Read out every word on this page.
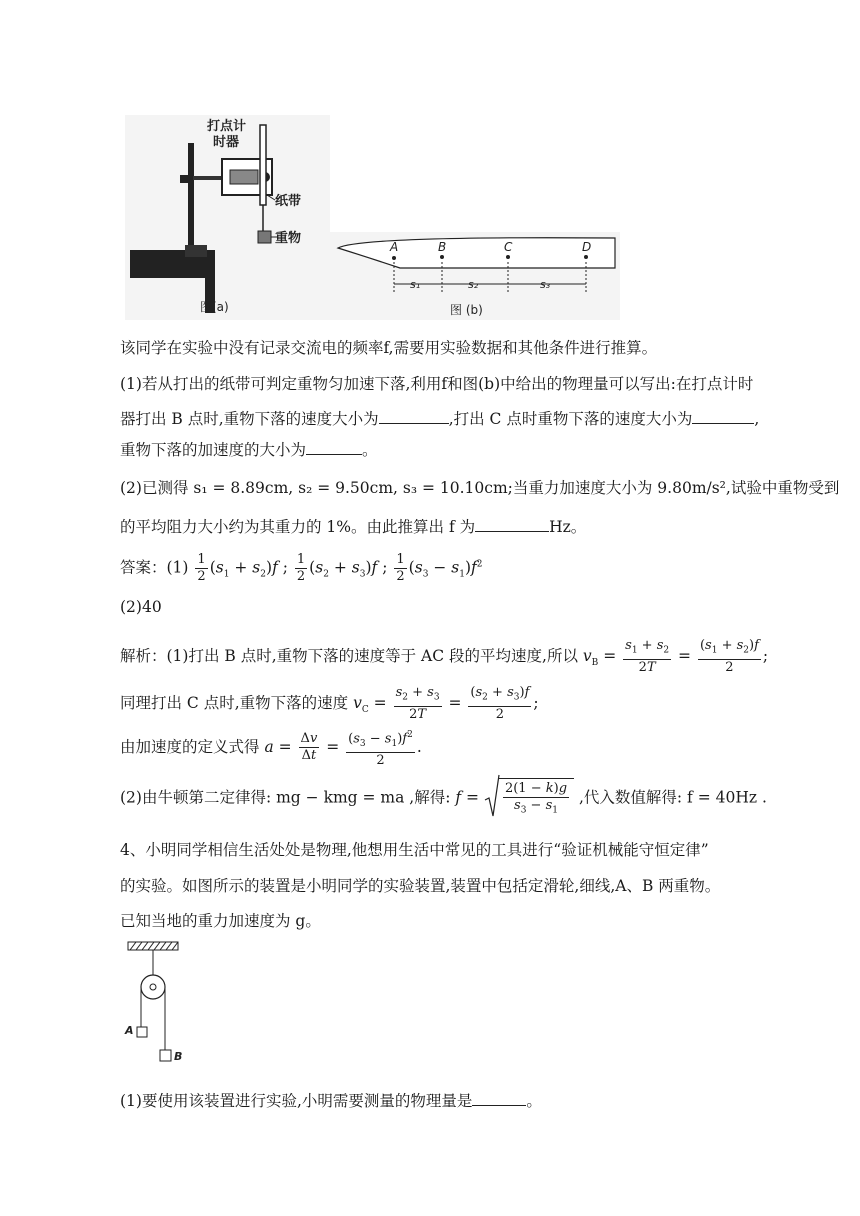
打点计
时器
纸带
重物
图(a)
A	B	C	D
s₁	s₂	s₃
图 (b)
该同学在实验中没有记录交流电的频率f,需要用实验数据和其他条件进行推算。
(1)若从打出的纸带可判定重物匀加速下落,利用f和图(b)中给出的物理量可以写出:在打点计时
器打出 B 点时,重物下落的速度大小为	,打出 C 点时重物下落的速度大小为	,
重物下落的加速度的大小为	。
(2)已测得 s₁ = 8.89cm, s₂ = 9.50cm, s₃ = 10.10cm;当重力加速度大小为 9.80m/s²,试验中重物受到
的平均阻力大小约为其重力的 1%。由此推算出 f 为	Hz。
答案：$(1) \frac{1}{2} (s_1 + s_2)f$ ; $\frac{1}{2} (s_2 + s_3)f$ ; $\frac{1}{2} (s_3 - s_1)f^2$
(2)40
解析：(1)打出 B 点时,重物下落的速度等于 AC 段的平均速度,所以 $v_B = \frac{s_1 + s_2}{2T} = \frac{(s_1 + s_2)f}{2}$ ;
同理打出 C 点时,重物下落的速度 $v_C = \frac{s_2 + s_3}{2T} = \frac{(s_2 + s_3)f}{2}$ ;
由加速度的定义式得 $a = \frac{\Delta v}{\Delta t} = \frac{(s_3 - s_1)f^2}{2}$ .
(2)由牛顿第二定律得: mg − kmg = ma ,解得: $f = \frac{2(1 - k)g}{s_3 - s_1}$ ,代入数值解得: f = 40Hz .
4、小明同学相信生活处处是物理,他想用生活中常见的工具进行“验证机械能守恒定律”
的实验。如图所示的装置是小明同学的实验装置,装置中包括定滑轮,细线,A、B 两重物。
已知当地的重力加速度为 g。
A
B
(1)要使用该装置进行实验,小明需要测量的物理量是	。
